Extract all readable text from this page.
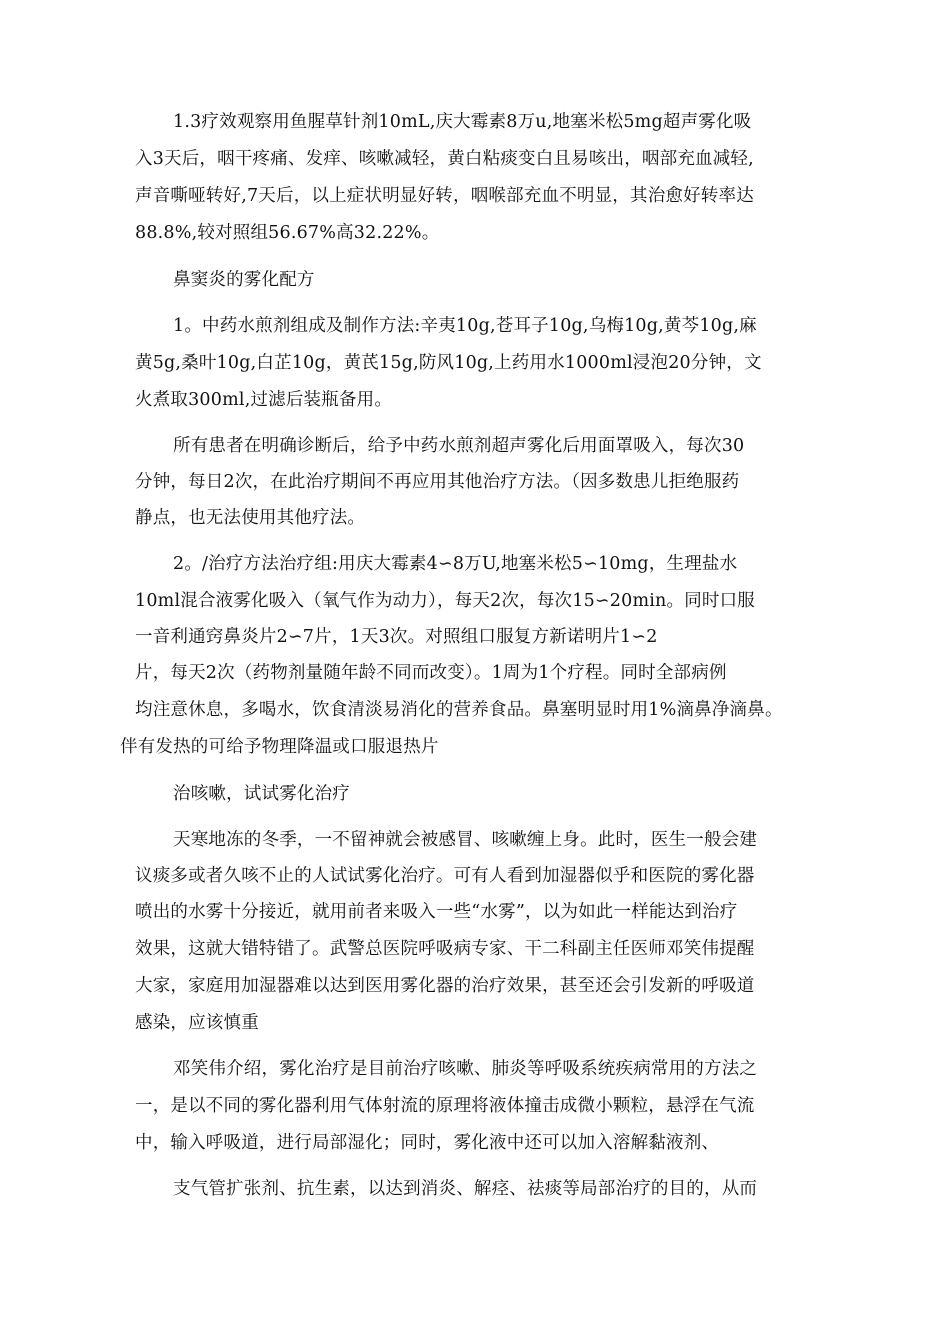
1.3疗效观察用鱼腥草针剂10mL,庆大霉素8万u,地塞米松5mg超声雾化吸
入3天后，咽干疼痛、发痒、咳嗽减轻，黄白粘痰变白且易咳出，咽部充血减轻,
声音嘶哑转好,7天后，以上症状明显好转，咽喉部充血不明显，其治愈好转率达
88.8%,较对照组56.67%高32.22%。
鼻窦炎的雾化配方
1。中药水煎剂组成及制作方法:辛夷10g,苍耳子10g,乌梅10g,黄芩10g,麻
黄5g,桑叶10g,白芷10g，黄芪15g,防风10g,上药用水1000ml浸泡20分钟，文
火煮取300ml,过滤后装瓶备用。
所有患者在明确诊断后，给予中药水煎剂超声雾化后用面罩吸入，每次30
分钟，每日2次，在此治疗期间不再应用其他治疗方法。（因多数患儿拒绝服药
静点，也无法使用其他疗法。
2。/治疗方法治疗组:用庆大霉素4∽8万U,地塞米松5∽10mg，生理盐水
10ml混合液雾化吸入（氧气作为动力），每天2次，每次15∽20min。同时口服
一音利通窍鼻炎片2∽7片，1天3次。对照组口服复方新诺明片1∽2
片，每天2次（药物剂量随年龄不同而改变）。1周为1个疗程。同时全部病例
均注意休息，多喝水，饮食清淡易消化的营养食品。鼻塞明显时用1%滴鼻净滴鼻。
伴有发热的可给予物理降温或口服退热片
治咳嗽，试试雾化治疗
天寒地冻的冬季，一不留神就会被感冒、咳嗽缠上身。此时，医生一般会建
议痰多或者久咳不止的人试试雾化治疗。可有人看到加湿器似乎和医院的雾化器
喷出的水雾十分接近，就用前者来吸入一些“水雾”，以为如此一样能达到治疗
效果，这就大错特错了。武警总医院呼吸病专家、干二科副主任医师邓笑伟提醒
大家，家庭用加湿器难以达到医用雾化器的治疗效果，甚至还会引发新的呼吸道
感染，应该慎重
邓笑伟介绍，雾化治疗是目前治疗咳嗽、肺炎等呼吸系统疾病常用的方法之
一，是以不同的雾化器利用气体射流的原理将液体撞击成微小颗粒，悬浮在气流
中，输入呼吸道，进行局部湿化；同时，雾化液中还可以加入溶解黏液剂、
支气管扩张剂、抗生素，以达到消炎、解痉、祛痰等局部治疗的目的，从而
